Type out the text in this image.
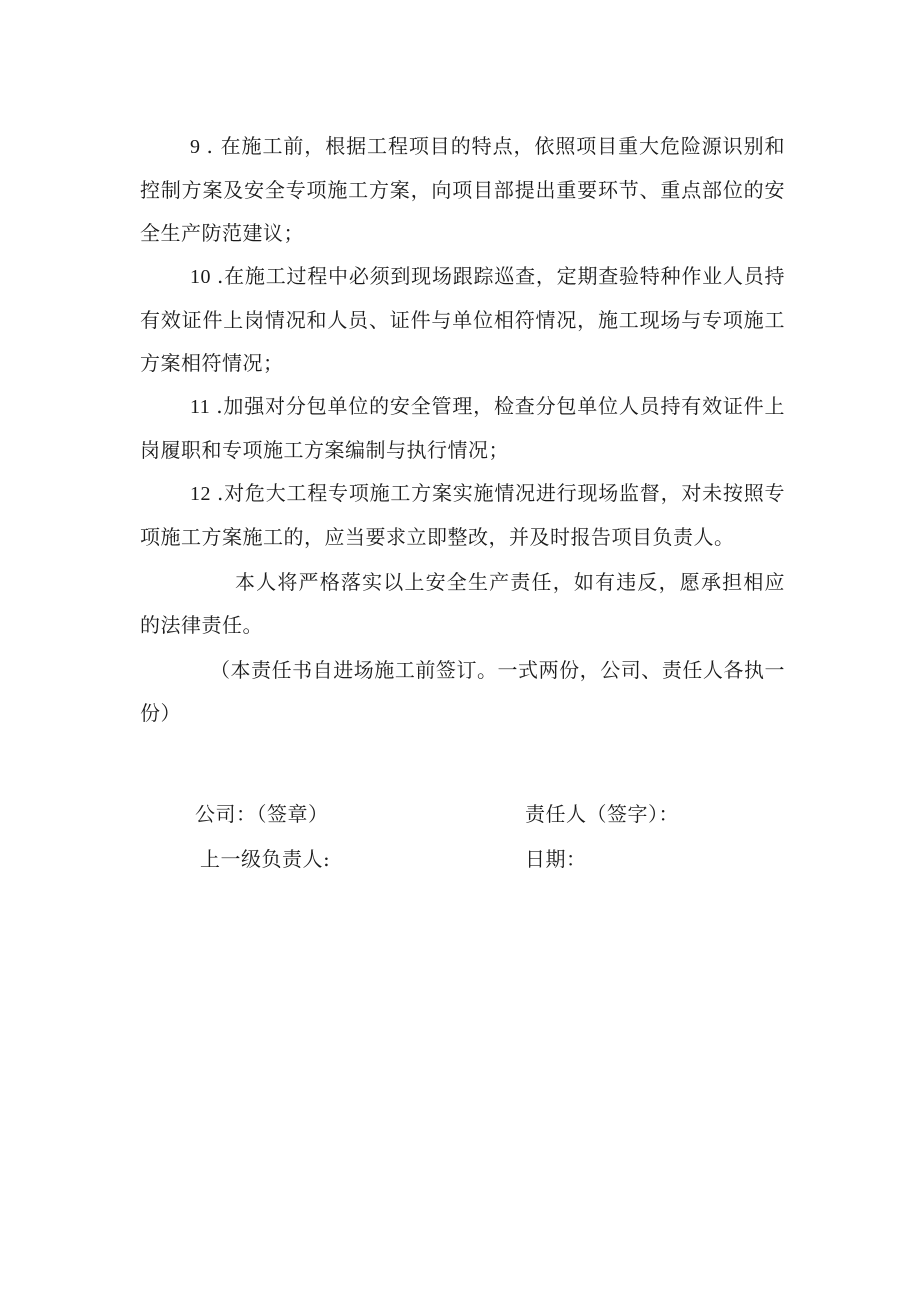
9 . 在施工前，根据工程项目的特点，依照项目重大危险源识别和控制方案及安全专项施工方案，向项目部提出重要环节、重点部位的安全生产防范建议；

10 .在施工过程中必须到现场跟踪巡查，定期查验特种作业人员持有效证件上岗情况和人员、证件与单位相符情况，施工现场与专项施工方案相符情况；

11 .加强对分包单位的安全管理，检查分包单位人员持有效证件上岗履职和专项施工方案编制与执行情况；

12 .对危大工程专项施工方案实施情况进行现场监督，对未按照专项施工方案施工的，应当要求立即整改，并及时报告项目负责人。

本人将严格落实以上安全生产责任，如有违反，愿承担相应的法律责任。

（本责任书自进场施工前签订。一式两份，公司、责任人各执一份）

公司：（签章）	责任人（签字）：
上一级负责人:	日期：
